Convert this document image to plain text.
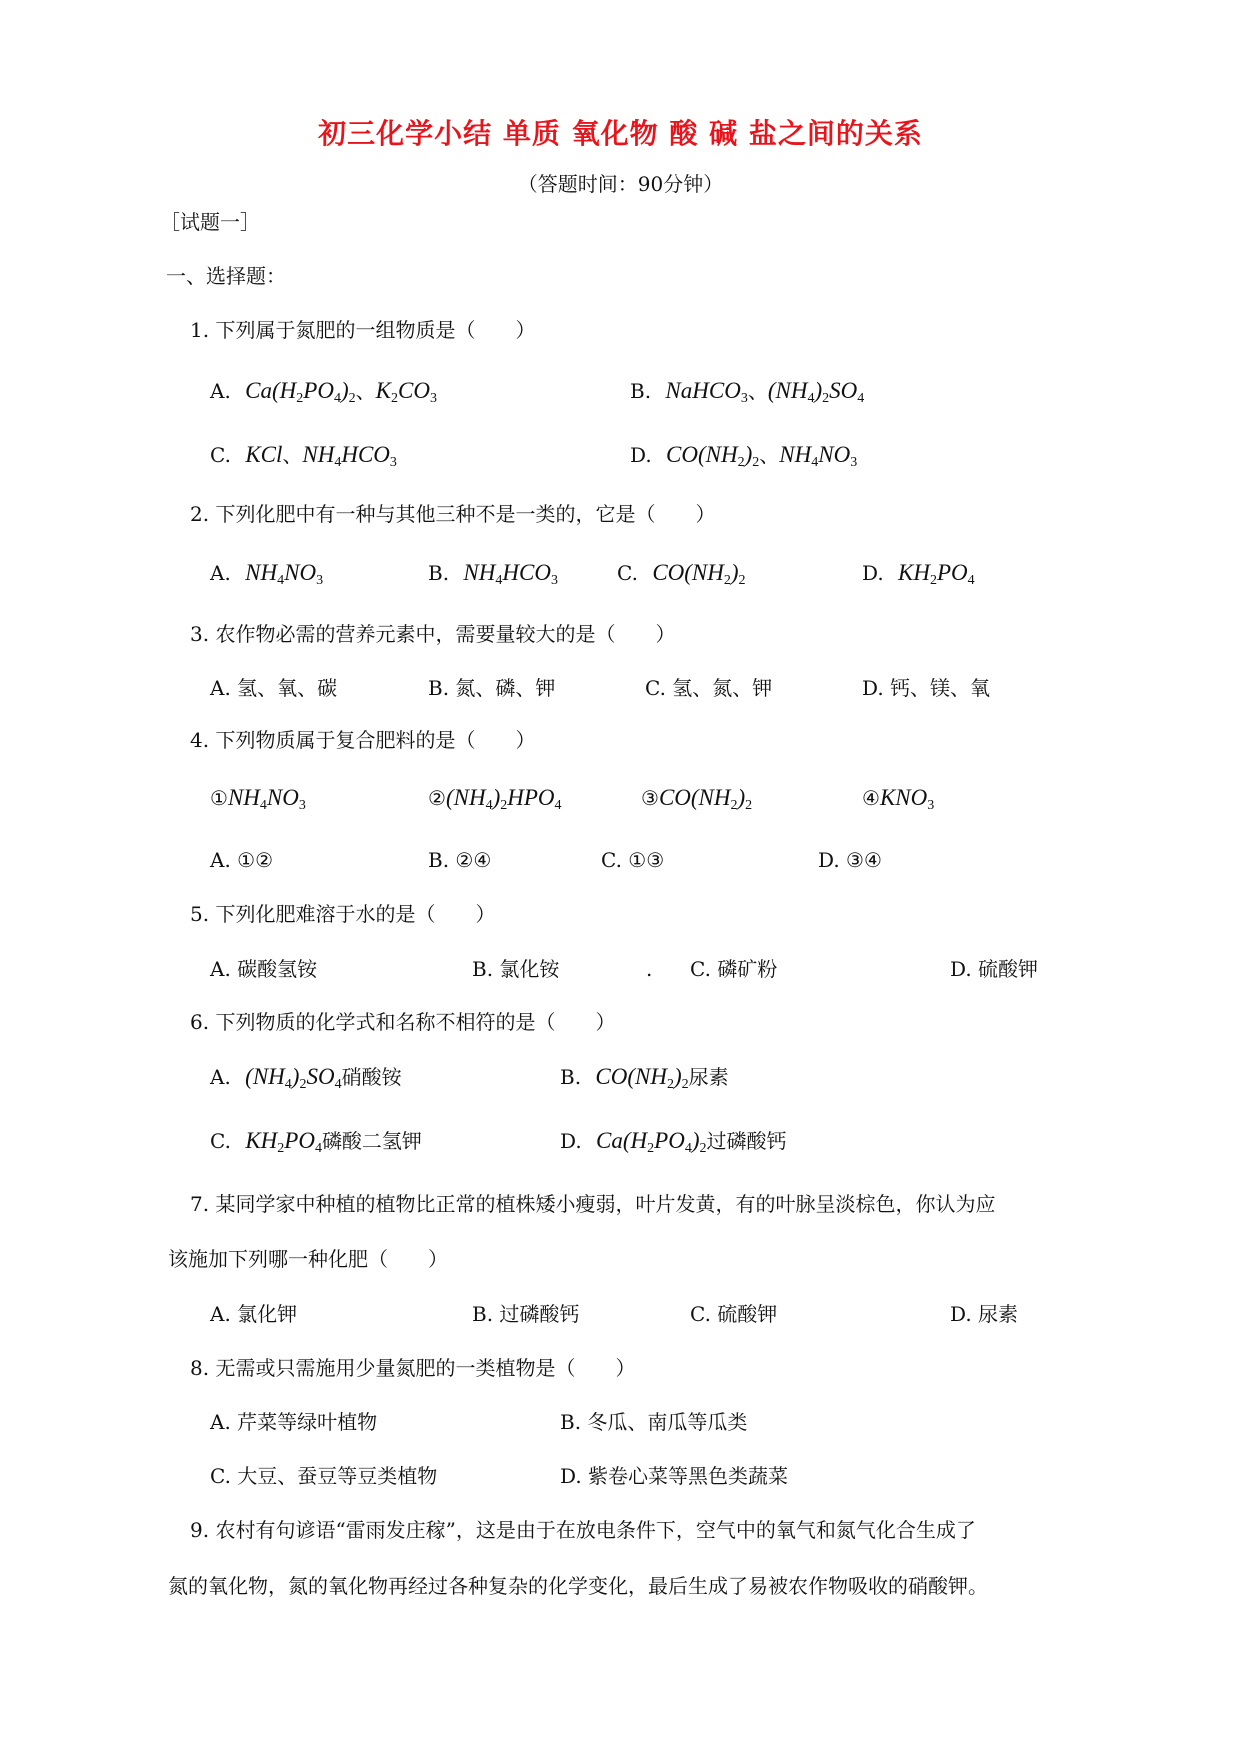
初三化学小结 单质 氧化物 酸 碱 盐之间的关系
（答题时间：90分钟）
［试题一］
一、选择题：
1. 下列属于氮肥的一组物质是（　　）
A. $Ca(H_2PO_4)_2$、$K_2CO_3$	B. NaHCO$_3$、$(NH_4)_2SO_4$
C. KCl、$NH_4HCO_3$	D. $CO(NH_2)_2$、$NH_4NO_3$
2. 下列化肥中有一种与其他三种不是一类的，它是（　　）
A. $NH_4NO_3$	B. $NH_4HCO_3$	C. $CO(NH_2)_2$	D. $KH_2PO_4$
3. 农作物必需的营养元素中，需要量较大的是（　　）
A. 氢、氧、碳	B. 氮、磷、钾	C. 氢、氮、钾	D. 钙、镁、氧
4. 下列物质属于复合肥料的是（　　）
$①NH_4NO_3$	$②(NH_4)_2HPO_4$	$③CO(NH_2)_2$	$④KNO_3$
A. ①②	B. ②④	C. ①③	D. ③④
5. 下列化肥难溶于水的是（　　）
A. 碳酸氢铵	B. 氯化铵	. C. 磷矿粉	D. 硫酸钾
6. 下列物质的化学式和名称不相符的是（　　）
A. $(NH_4)_2SO_4$硝酸铵	B. $CO(NH_2)_2$尿素
C. $KH_2PO_4$磷酸二氢钾	D. $Ca(H_2PO_4)_2$过磷酸钙
7. 某同学家中种植的植物比正常的植株矮小瘦弱，叶片发黄，有的叶脉呈淡棕色，你认为应
该施加下列哪一种化肥（　　）
A. 氯化钾	B. 过磷酸钙	C. 硫酸钾	D. 尿素
8. 无需或只需施用少量氮肥的一类植物是（　　）
A. 芹菜等绿叶植物	B. 冬瓜、南瓜等瓜类
C. 大豆、蚕豆等豆类植物	D. 紫卷心菜等黑色类蔬菜
9. 农村有句谚语“雷雨发庄稼”，这是由于在放电条件下，空气中的氧气和氮气化合生成了
氮的氧化物，氮的氧化物再经过各种复杂的化学变化，最后生成了易被农作物吸收的硝酸钾。
